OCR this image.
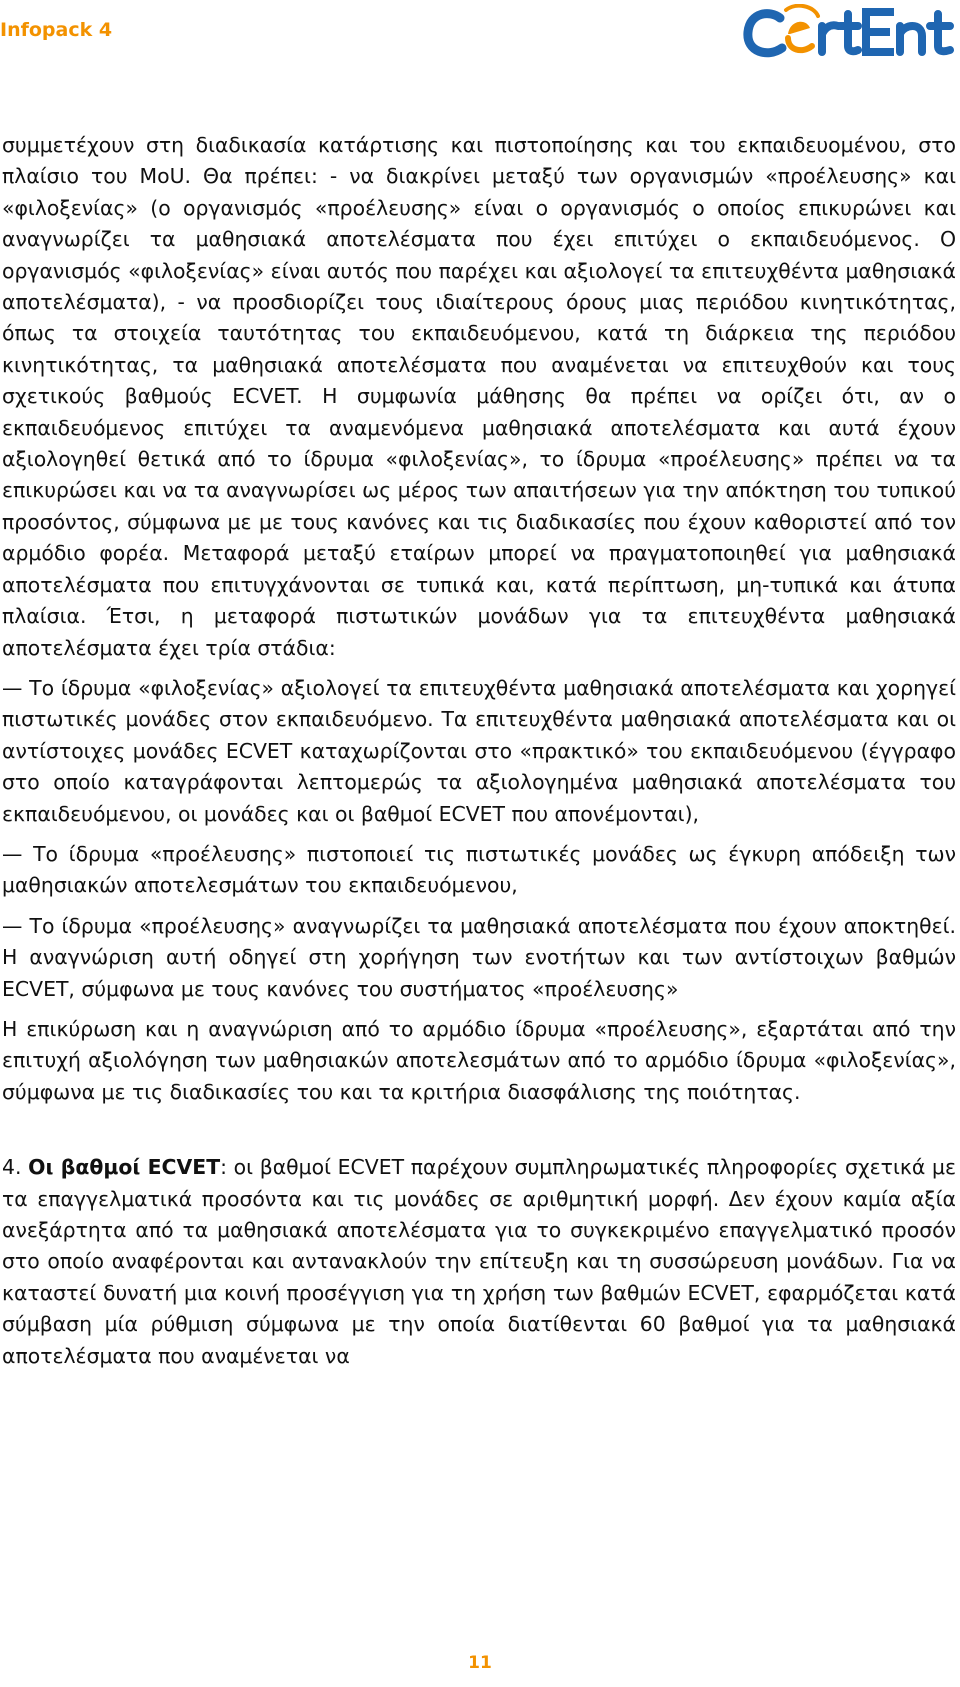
Infopack 4

συμμετέχουν στη διαδικασία κατάρτισης και πιστοποίησης και του εκπαιδευομένου, στο πλαίσιο του MoU. Θα πρέπει: - να διακρίνει μεταξύ των οργανισμών «προέλευσης» και «φιλοξενίας» (ο οργανισμός «προέλευσης» είναι ο οργανισμός ο οποίος επικυρώνει και αναγνωρίζει τα μαθησιακά αποτελέσματα που έχει επιτύχει ο εκπαιδευόμενος. Ο οργανισμός «φιλοξενίας» είναι αυτός που παρέχει και αξιολογεί τα επιτευχθέντα μαθησιακά αποτελέσματα), - να προσδιορίζει τους ιδιαίτερους όρους μιας περιόδου κινητικότητας, όπως τα στοιχεία ταυτότητας του εκπαιδευόμενου, κατά τη διάρκεια της περιόδου κινητικότητας, τα μαθησιακά αποτελέσματα που αναμένεται να επιτευχθούν και τους σχετικούς βαθμούς ECVET. Η συμφωνία μάθησης θα πρέπει να ορίζει ότι, αν ο εκπαιδευόμενος επιτύχει τα αναμενόμενα μαθησιακά αποτελέσματα και αυτά έχουν αξιολογηθεί θετικά από το ίδρυμα «φιλοξενίας», το ίδρυμα «προέλευσης» πρέπει να τα επικυρώσει και να τα αναγνωρίσει ως μέρος των απαιτήσεων για την απόκτηση του τυπικού προσόντος, σύμφωνα με με τους κανόνες και τις διαδικασίες που έχουν καθοριστεί από τον αρμόδιο φορέα. Μεταφορά μεταξύ εταίρων μπορεί να πραγματοποιηθεί για μαθησιακά αποτελέσματα που επιτυγχάνονται σε τυπικά και, κατά περίπτωση, μη-τυπικά και άτυπα πλαίσια. Έτσι, η μεταφορά πιστωτικών μονάδων για τα επιτευχθέντα μαθησιακά αποτελέσματα έχει τρία στάδια:

— Το ίδρυμα «φιλοξενίας» αξιολογεί τα επιτευχθέντα μαθησιακά αποτελέσματα και χορηγεί πιστωτικές μονάδες στον εκπαιδευόμενο. Τα επιτευχθέντα μαθησιακά αποτελέσματα και οι αντίστοιχες μονάδες ECVET καταχωρίζονται στο «πρακτικό» του εκπαιδευόμενου (έγγραφο στο οποίο καταγράφονται λεπτομερώς τα αξιολογημένα μαθησιακά αποτελέσματα του εκπαιδευόμενου, οι μονάδες και οι βαθμοί ECVET που απονέμονται),

— Το ίδρυμα «προέλευσης» πιστοποιεί τις πιστωτικές μονάδες ως έγκυρη απόδειξη των μαθησιακών αποτελεσμάτων του εκπαιδευόμενου,

— Το ίδρυμα «προέλευσης» αναγνωρίζει τα μαθησιακά αποτελέσματα που έχουν αποκτηθεί. Η αναγνώριση αυτή οδηγεί στη χορήγηση των ενοτήτων και των αντίστοιχων βαθμών ECVET, σύμφωνα με τους κανόνες του συστήματος «προέλευσης»

Η επικύρωση και η αναγνώριση από το αρμόδιο ίδρυμα «προέλευσης», εξαρτάται από την επιτυχή αξιολόγηση των μαθησιακών αποτελεσμάτων από το αρμόδιο ίδρυμα «φιλοξενίας», σύμφωνα με τις διαδικασίες του και τα κριτήρια διασφάλισης της ποιότητας.

4. Οι βαθμοί ECVET: οι βαθμοί ECVET παρέχουν συμπληρωματικές πληροφορίες σχετικά με τα επαγγελματικά προσόντα και τις μονάδες σε αριθμητική μορφή. Δεν έχουν καμία αξία ανεξάρτητα από τα μαθησιακά αποτελέσματα για το συγκεκριμένο επαγγελματικό προσόν στο οποίο αναφέρονται και αντανακλούν την επίτευξη και τη συσσώρευση μονάδων. Για να καταστεί δυνατή μια κοινή προσέγγιση για τη χρήση των βαθμών ECVET, εφαρμόζεται κατά σύμβαση μία ρύθμιση σύμφωνα με την οποία διατίθενται 60 βαθμοί για τα μαθησιακά αποτελέσματα που αναμένεται να

11
